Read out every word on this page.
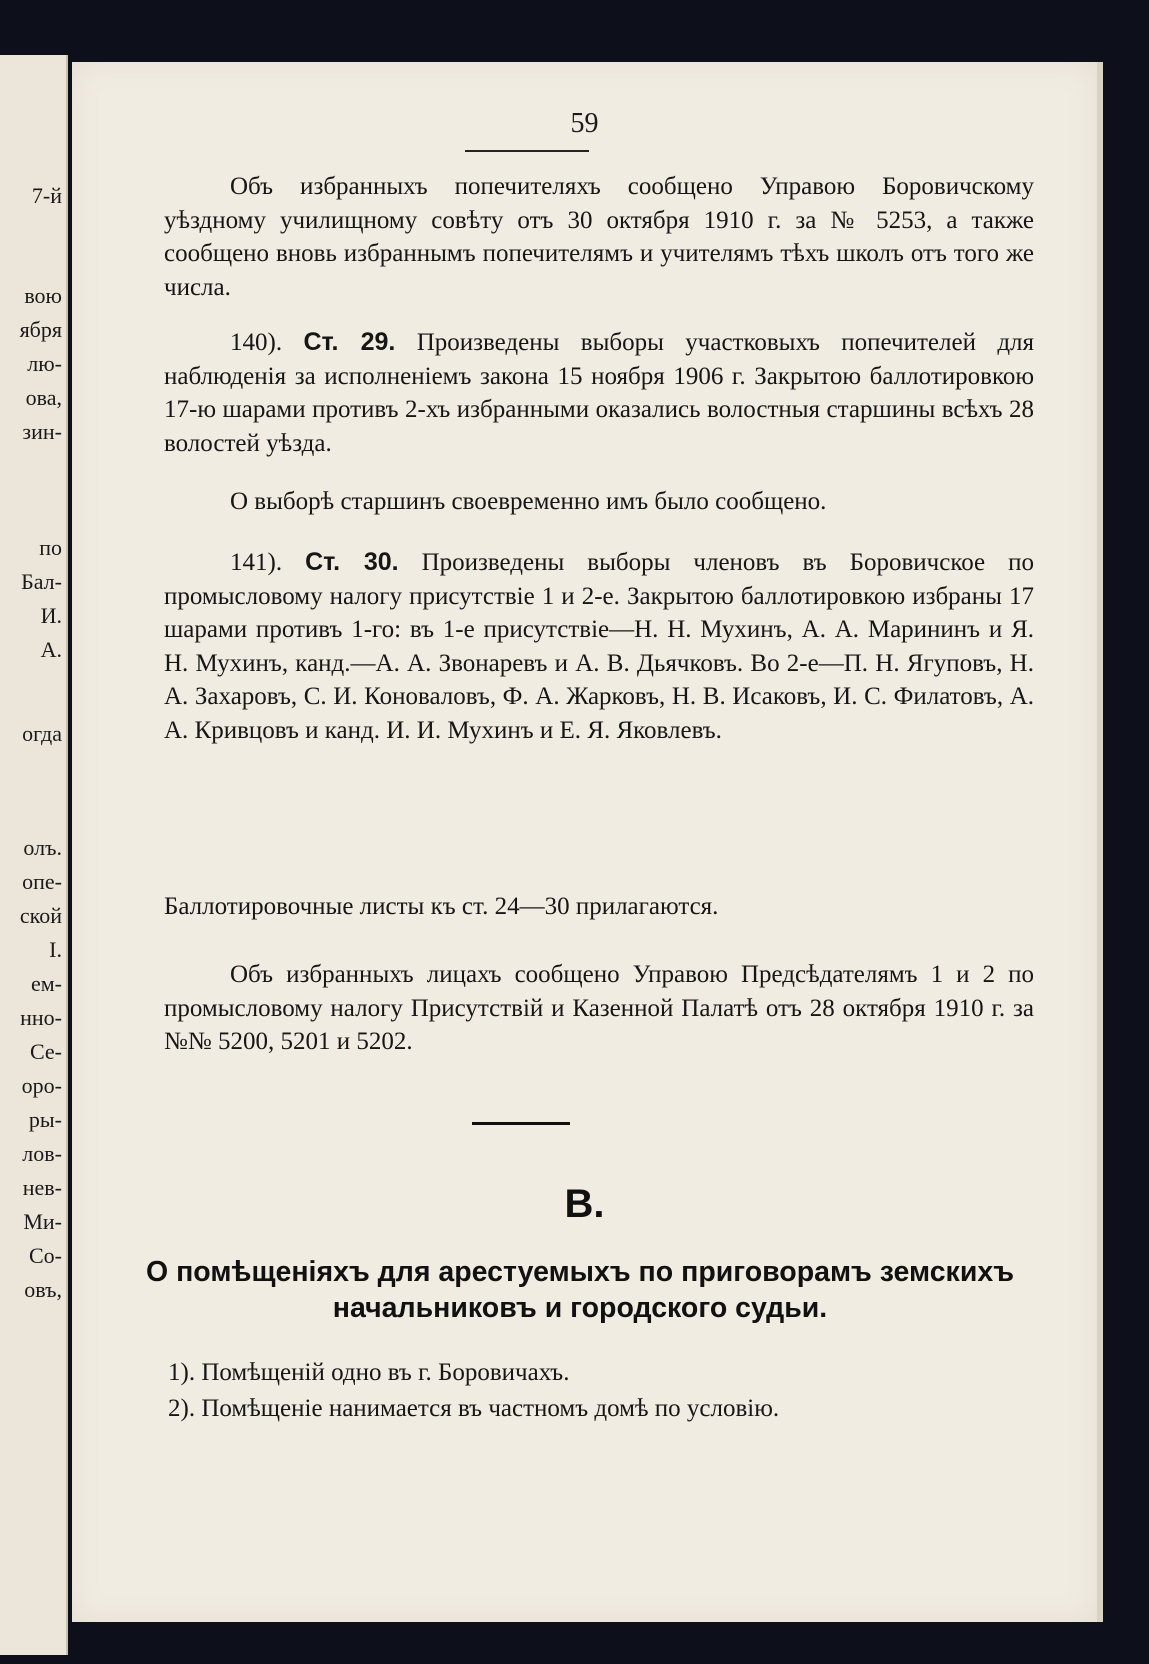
7-й
вою
ября
лю-
ова,
зин-
по
Бал-
И.
А.
огда
олъ.
опе-
ской
I.
ем-
нно-
Се-
оро-
ры-
лов-
нев-
Ми-
Со-
овъ,
59

Объ избранныхъ попечителяхъ сообщено Управою Боровичскому уѣздному училищному совѣту отъ 30 октября 1910 г. за № 5253, а также сообщено вновь избраннымъ попечителямъ и учителямъ тѣхъ школъ отъ того же числа.

140). Ст. 29. Произведены выборы участковыхъ попечителей для наблюденія за исполненіемъ закона 15 ноября 1906 г. Закрытою баллотировкою 17-ю шарами противъ 2-хъ избранными оказались волостныя старшины всѣхъ 28 волостей уѣзда.

О выборѣ старшинъ своевременно имъ было сообщено.

141). Ст. 30. Произведены выборы членовъ въ Боровичское по промысловому налогу присутствіе 1 и 2-е. Закрытою баллотировкою избраны 17 шарами противъ 1-го: въ 1-е присутствіе—Н. Н. Мухинъ, А. А. Марининъ и Я. Н. Мухинъ, канд.—А. А. Звонаревъ и А. В. Дьячковъ. Во 2-е—П. Н. Ягуповъ, Н. А. Захаровъ, С. И. Коноваловъ, Ф. А. Жарковъ, Н. В. Исаковъ, И. С. Филатовъ, А. А. Кривцовъ и канд. И. И. Мухинъ и Е. Я. Яковлевъ.

Баллотировочные листы къ ст. 24—30 прилагаются.

Объ избранныхъ лицахъ сообщено Управою Предсѣдателямъ 1 и 2 по промысловому налогу Присутствій и Казенной Палатѣ отъ 28 октября 1910 г. за №№ 5200, 5201 и 5202.

В.
О помѣщеніяхъ для арестуемыхъ по приговорамъ земскихъ начальниковъ и городского судьи.
1). Помѣщеній одно въ г. Боровичахъ.
2). Помѣщеніе нанимается въ частномъ домѣ по условію.
